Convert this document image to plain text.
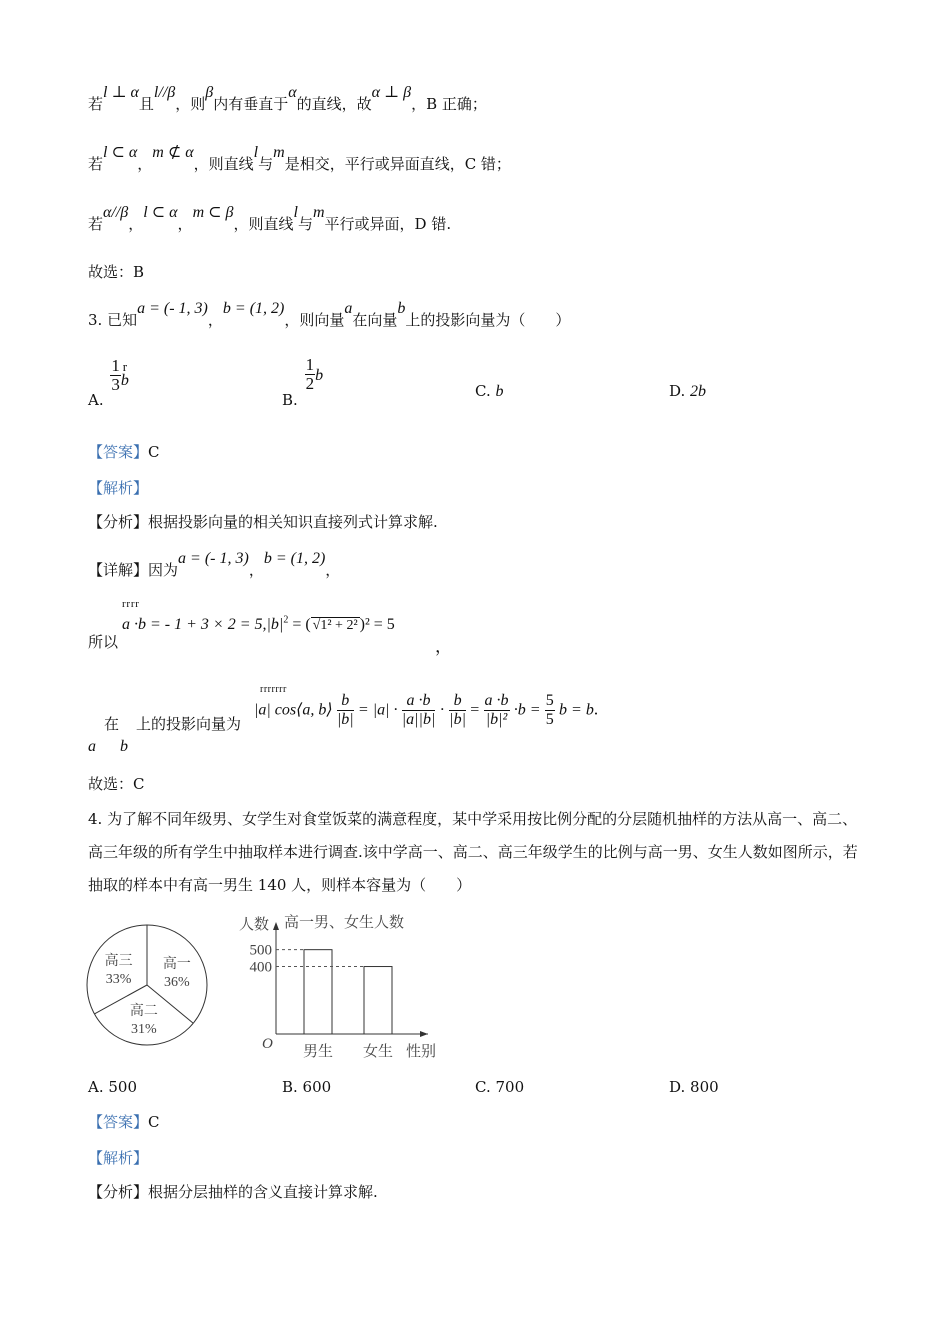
若l ⊥ α且l//β，则β内有垂直于α的直线，故α ⊥ β，B 正确；
若l ⊂ α，m ⊄ α，则直线l与m是相交，平行或异面直线，C 错；
若α//β，l ⊂ α，m ⊂ β，则直线l与m平行或异面，D 错.
故选：B
3. 已知a = (- 1, 3)，b = (1, 2)，则向量a在向量b上的投影向量为（　　）
A.
$\frac{1}{3}$ r
b
B.
$\frac{1}{2}$ b
C. b	D. 2b
【答案】C
【解析】
【分析】根据投影向量的相关知识直接列式计算求解.
【详解】因为a = (- 1, 3)，b = (1, 2)，
所以
r r r r
a ·b = - $1 + 3 \times 2 = 5,|b|^2$ = ( √1² + 2² )² = 5
，
a
在
b
上的投影向量为
r r r r r r r
|a| cos⟨a, b⟩ $\frac{b}{|b|} = |a| \cdot \frac{a \cdot b}{|a||b|} \cdot \frac{b}{|b|} = \frac{a \cdot b}{\text{|b|²}} \cdot b = \frac{5}{5}$ b = b.
故选：C
4. 为了解不同年级男、女学生对食堂饭菜的满意程度，某中学采用按比例分配的分层随机抽样的方法从高一、高二、高三年级的所有学生中抽取样本进行调查.该中学高一、高二、高三年级学生的比例与高一男、女生人数如图所示，若抽取的样本中有高一男生 140 人，则样本容量为（　　）
高一
36%
高二
31%
高三
33%
人数 高一男、女生人数
O	性别
男生 女生
400
500
A. 500	B. 600	C. 700	D. 800
【答案】C
【解析】
【分析】根据分层抽样的含义直接计算求解.
